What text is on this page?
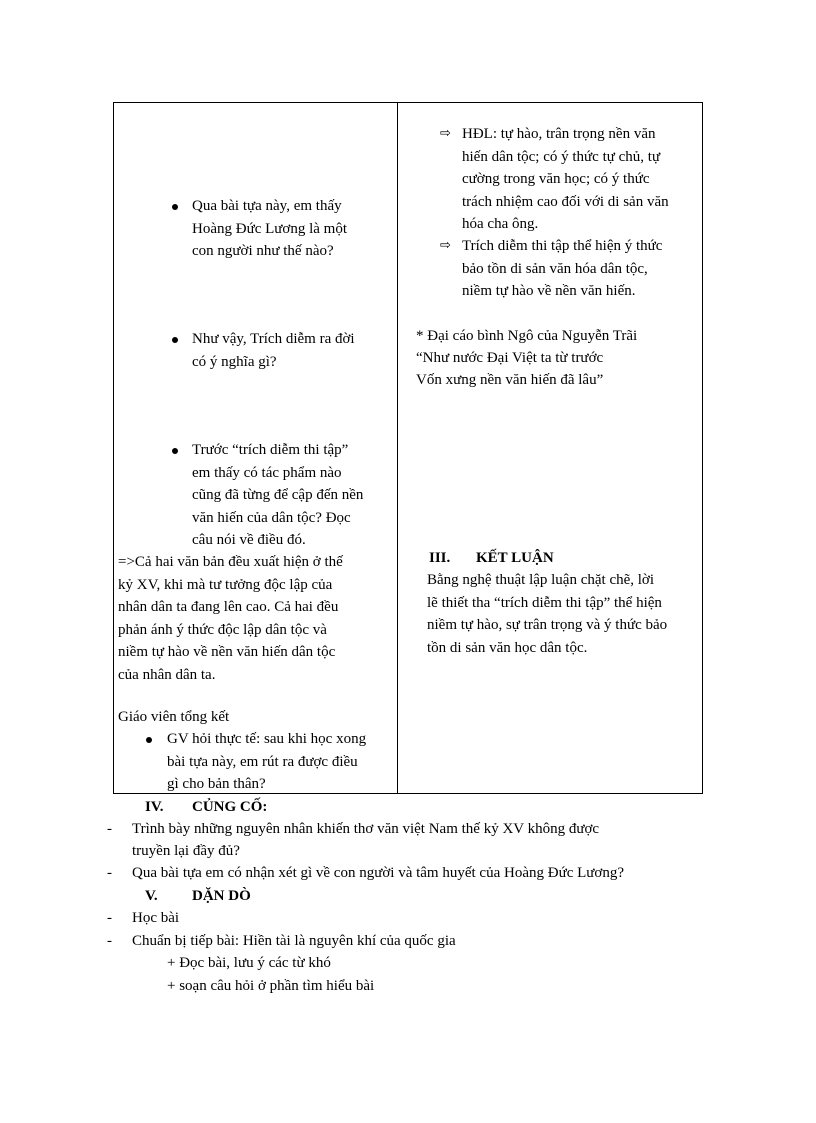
Qua bài tựa này, em thấy
Hoàng Đức Lương là một
con người như thế nào?
Như vậy, Trích diễm ra đời
có ý nghĩa gì?
Trước “trích diễm thi tập”
em thấy có tác phẩm nào
cũng đã từng để cập đến nền
văn hiến của dân tộc? Đọc
câu nói về điều đó.
=>Cả hai văn bản đều xuất hiện ở thế
kỷ XV, khi mà tư tưởng độc lập của
nhân dân ta đang lên cao. Cả hai đều
phản ánh ý thức độc lập dân tộc và
niềm tự hào về nền văn hiến dân tộc
của nhân dân ta.
Giáo viên tổng kết
GV hỏi thực tế: sau khi học xong
bài tựa này, em rút ra được điều
gì cho bản thân?
⇨ HĐL: tự hào, trân trọng nền văn
hiến dân tộc; có ý thức tự chủ, tự
cường trong văn học; có ý thức
trách nhiệm cao đối với di sản văn
hóa cha ông.
⇨ Trích diễm thi tập thể hiện ý thức
bảo tồn di sản văn hóa dân tộc,
niềm tự hào về nền văn hiến.
* Đại cáo bình Ngô của Nguyễn Trãi
“Như nước Đại Việt ta từ trước
Vốn xưng nền văn hiến đã lâu”
III. KẾT LUẬN
Bằng nghệ thuật lập luận chặt chẽ, lời
lẽ thiết tha “trích diễm thi tập” thể hiện
niềm tự hào, sự trân trọng và ý thức bảo
tồn di sản văn học dân tộc.
IV. CỦNG CỐ:
- Trình bày những nguyên nhân khiến thơ văn việt Nam thế kỷ XV không được
truyền lại đầy đủ?
- Qua bài tựa em có nhận xét gì về con người và tâm huyết của Hoàng Đức Lương?
V. DẶN DÒ
- Học bài
- Chuẩn bị tiếp bài: Hiền tài là nguyên khí của quốc gia
+ Đọc bài, lưu ý các từ khó
+ soạn câu hỏi ở phần tìm hiểu bài
